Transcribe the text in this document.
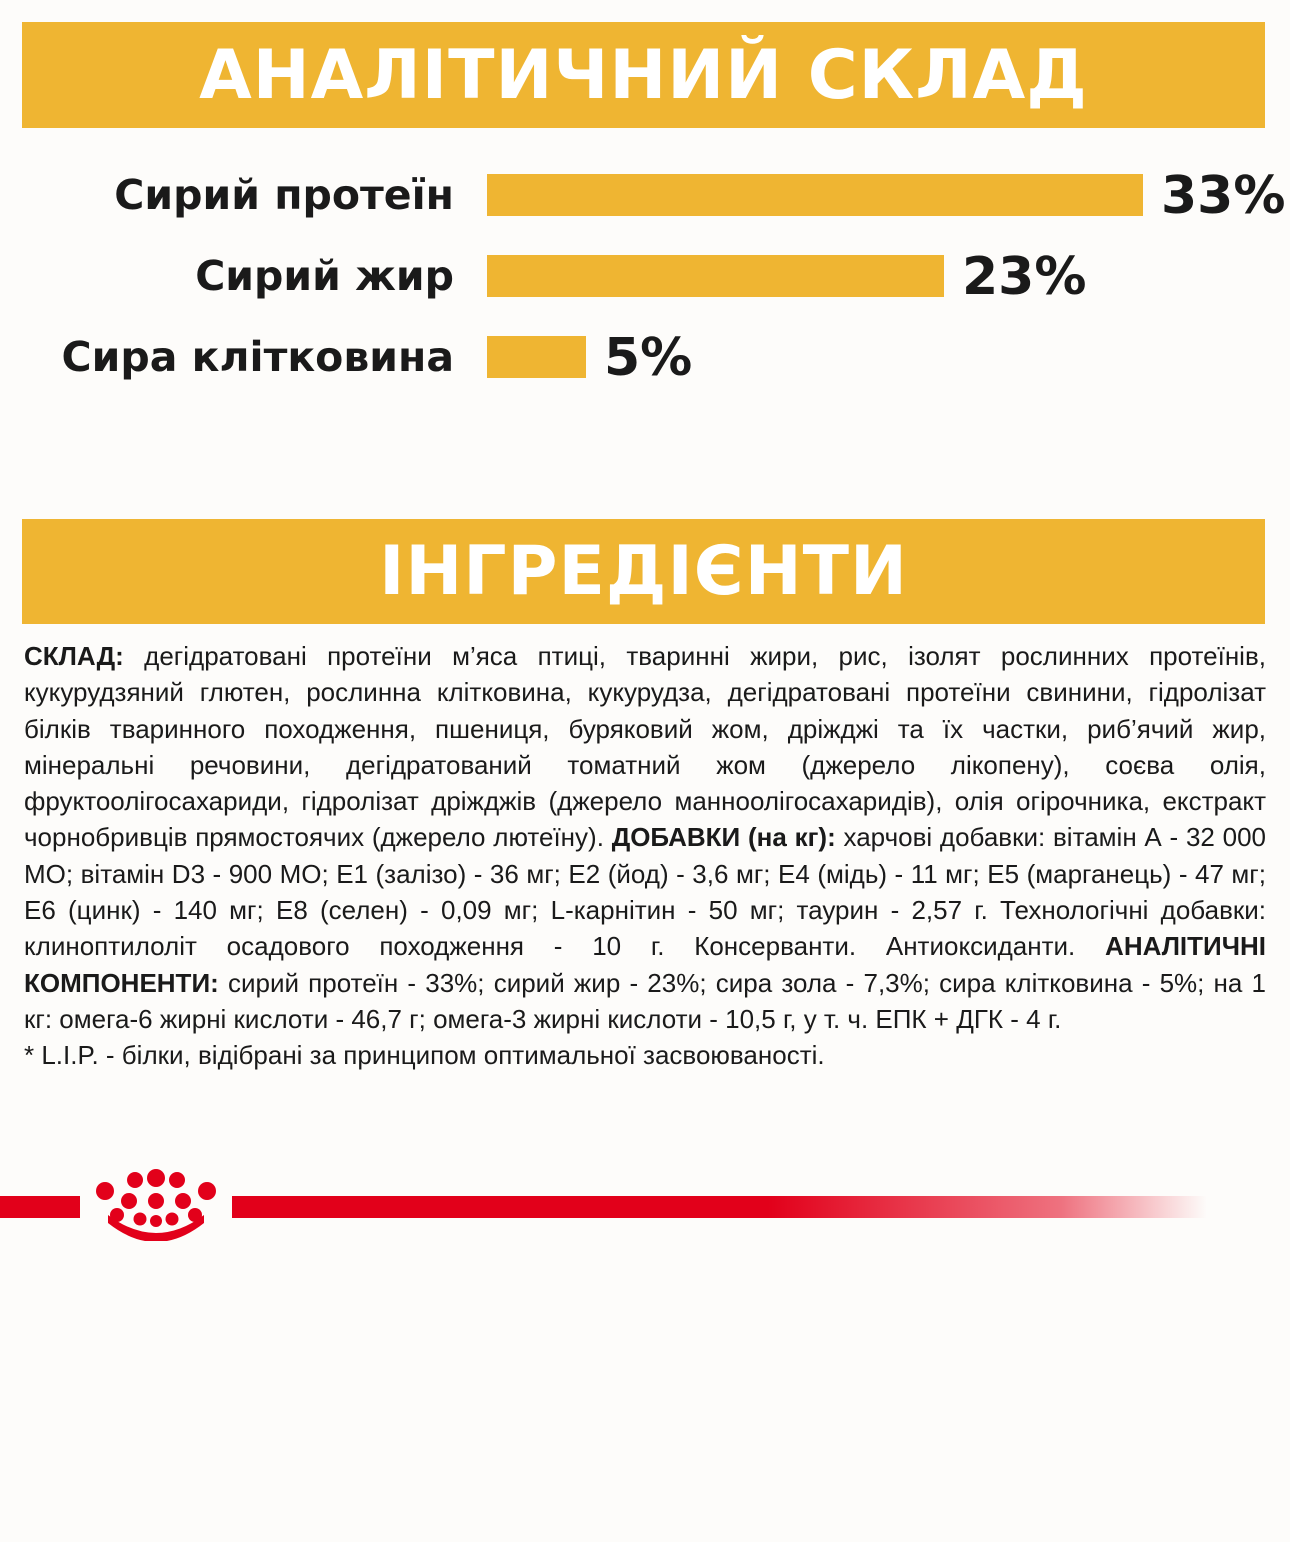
АНАЛІТИЧНИЙ СКЛАД
Сирий протеїн	33%
Сирий жир	23%
Сира клітковина	5%
ІНГРЕДІЄНТИ
СКЛАД: дегідратовані протеїни м’яса птиці, тваринні жири, рис, ізолят рослинних протеїнів, кукурудзяний глютен, рослинна клітковина, кукурудза, дегідратовані протеїни свинини, гідролізат білків тваринного походження, пшениця, буряковий жом, дріжджі та їх частки, риб’ячий жир, мінеральні речовини, дегідратований томатний жом (джерело лікопену), соєва олія, фруктоолігосахариди, гідролізат дріжджів (джерело манноолігосахаридів), олія огірочника, екстракт чорнобривців прямостоячих (джерело лютеїну). ДОБАВКИ (на кг): харчові добавки: вітамін А - 32 000 МО; вітамін D3 - 900 МО; Е1 (залізо) - 36 мг; Е2 (йод) - 3,6 мг; Е4 (мідь) - 11 мг; Е5 (марганець) - 47 мг; Е6 (цинк) - 140 мг; Е8 (селен) - 0,09 мг; L-карнітин - 50 мг; таурин - 2,57 г. Технологічні добавки: клиноптилоліт осадового походження - 10 г. Консерванти. Антиоксиданти. АНАЛІТИЧНІ КОМПОНЕНТИ: сирий протеїн - 33%; сирий жир - 23%; сира зола - 7,3%; сира клітковина - 5%; на 1 кг: омега-6 жирні кислоти - 46,7 г; омега-3 жирні кислоти - 10,5 г, у т. ч. ЕПК + ДГК - 4 г.
* L.I.P. - білки, відібрані за принципом оптимальної засвоюваності.
